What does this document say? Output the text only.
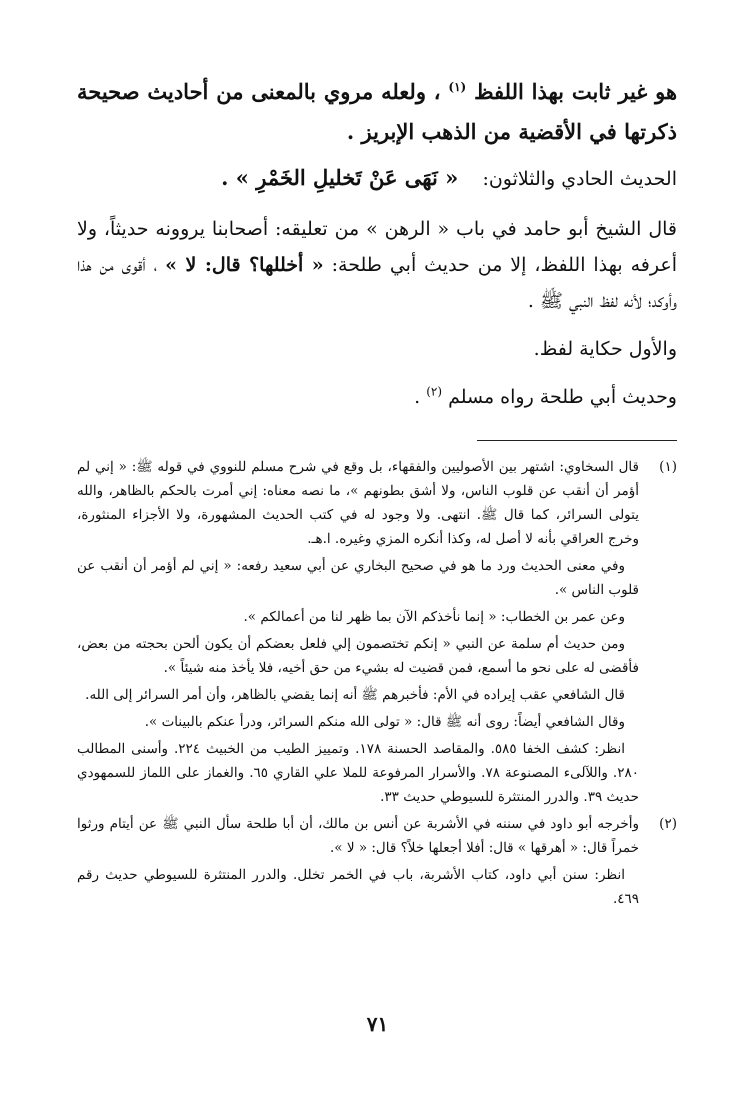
هو غير ثابت بهذا اللفظ $^{(١)}$ ، ولعله مروي بالمعنى من أحاديث صحيحة ذكرتها في الأقضية من الذهب الإبريز .

الحديث الحادي والثلاثون:    « نَهَى عَنْ تَخليلِ الخَمْرِ » .

قال الشيخ أبو حامد في باب « الرهن » من تعليقه: أصحابنا يروونه حديثاً، ولا أعرفه بهذا اللفظ، إلا من حديث أبي طلحة: « أخللها؟ قال: لا » ، أقوى من هذا وأوكد؛ لأنه لفظ النبي ﷺ .

والأول حكاية لفظ.

وحديث أبي طلحة رواه مسلم $^{(٢)}$ .

(١)

قال السخاوي: اشتهر بين الأصوليين والفقهاء، بل وقع في شرح مسلم للنووي في قوله ﷺ: « إني لم أؤمر أن أنقب عن قلوب الناس، ولا أشق بطونهم »، ما نصه معناه: إني أمرت بالحكم بالظاهر، والله يتولى السرائر، كما قال ﷺ. انتهى. ولا وجود له في كتب الحديث المشهورة، ولا الأجزاء المنثورة، وخرج العراقي بأنه لا أصل له، وكذا أنكره المزي وغيره. ا.هـ.

وفي معنى الحديث ورد ما هو في صحيح البخاري عن أبي سعيد رفعه: « إني لم أؤمر أن أنقب عن قلوب الناس ».

وعن عمر بن الخطاب: « إنما نأخذكم الآن بما ظهر لنا من أعمالكم ».

ومن حديث أم سلمة عن النبي « إنكم تختصمون إلي فلعل بعضكم أن يكون ألحن بحجته من بعض، فأقضى له على نحو ما أسمع، فمن قضيت له بشيء من حق أخيه، فلا يأخذ منه شيئاً ».

قال الشافعي عقب إيراده في الأم: فأخبرهم ﷺ أنه إنما يقضي بالظاهر، وأن أمر السرائر إلى الله.

وقال الشافعي أيضاً: روى أنه ﷺ قال: « تولى الله منكم السرائر، ودرأ عنكم بالبينات ».

انظر: كشف الخفا ٥٨٥. والمقاصد الحسنة ١٧٨. وتمييز الطيب من الخبيث ٢٢٤. وأسنى المطالب ٢٨٠. واللآلىء المصنوعة ٧٨. والأسرار المرفوعة للملا علي القاري ٦٥. والغماز على اللماز للسمهودي حديث ٣٩. والدرر المنتثرة للسيوطي حديث ٣٣.

(٢)

وأخرجه أبو داود في سننه في الأشربة عن أنس بن مالك، أن أبا طلحة سأل النبي ﷺ عن أيتام ورثوا خمراً قال: « أهرقها » قال: أفلا أجعلها خلاً؟ قال: « لا ».

انظر: سنن أبي داود، كتاب الأشربة، باب في الخمر تخلل. والدرر المنتثرة للسيوطي حديث رقم ٤٦٩.

٧١
